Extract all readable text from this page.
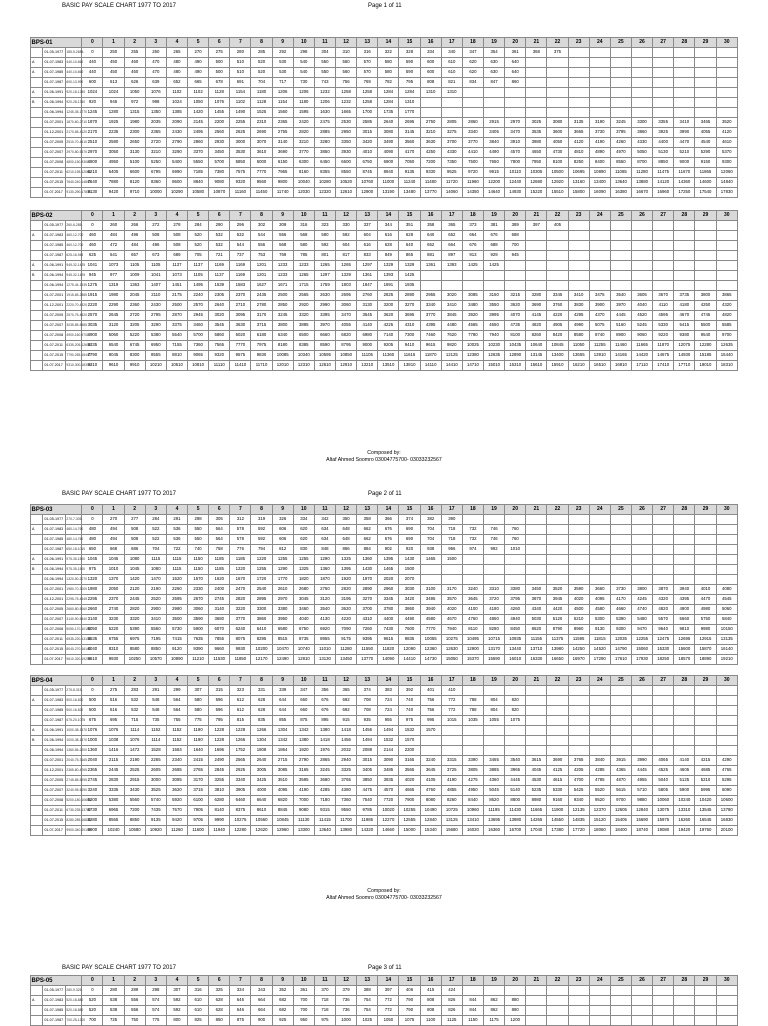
BASIC PAY SCALE CHART 1977 TO 2017	Page 1 of 11
BPS-01			0	1	2	3	4	5	6	7	8	9	10	11	12	13	14	15	16	17	18	19	20	21	22	23	24	25	26	27	28	29	30
	01-05-1977	185-5-2685-	0	250	255	260	265	270	275	280	285	292	298	304	310	316	322	328	334	340	347	354	361	368	375								
A	01-07-1983	440-10-660	440	450	460	470	480	490	500	510	520	530	540	550	560	570	580	590	600	610	620	630	640										
A	01-07-1985	440-10-660	440	450	460	470	480	490	500	510	520	530	540	550	560	570	580	590	600	610	620	630	640										
	01-07-1987	600-13-990	600	613	626	639	652	665	678	691	704	717	730	743	756	769	782	795	808	821	834	847	860										
A	01-06-1991	920-18-1280	1024	1024	1050	1076	1102	1102	1128	1154	1180	1206	1206	1232	1258	1258	1284	1284	1310	1310													
B	01-06-1994	920-28-1330	920	946	972	998	1024	1050	1076	1102	1128	1154	1180	1206	1232	1258	1284	1310															
	01-06-1994	1245-35-1770	1245	1280	1315	1350	1385	1420	1455	1490	1525	1560	1595	1630	1665	1700	1735	1770															
	01-07-2001	1870-60-2710	1870	1925	1980	2035	2090	2145	2200	2255	2310	2365	2420	2475	2530	2585	2640	2695	2750	2805	2860	2915	2970	3025	3080	3135	3190	3245	3300	3355	3410	3465	3520
	01-12-2001	2170-65-4120	2170	2235	2300	2365	2430	2495	2560	2625	2690	2755	2820	2885	2950	3015	3080	3145	3210	3275	3340	3405	3470	3535	3600	3665	3730	3795	3860	3925	3990	4055	4120
	01-07-2005	2510-70-4610	2510	2580	2650	2720	2790	2860	2930	3000	3070	3140	3210	3280	3350	3420	3490	3560	3630	3700	3770	3840	3910	3980	4050	4120	4190	4260	4330	4400	4470	4540	4610
	01-07-2007	2970-80-5370	2970	3050	3130	3210	3290	3370	3450	3530	3610	3690	3770	3850	3930	4010	4090	4170	4250	4330	4410	4490	4570	4650	4730	4810	4890	4970	5050	5130	5210	5290	5370
	01-07-2008	4800-150-9300	4800	4950	5100	5250	5400	5550	5700	5850	6000	6150	6300	6450	6600	6750	6900	7050	7200	7350	7500	7650	7800	7950	8100	8250	8400	8550	8700	8850	9000	9150	9300
	01-07-2011	6210-195-12060	6210	6405	6600	6795	6990	7185	7380	7575	7770	7965	8160	8355	8550	8745	8940	9135	9330	9525	9720	9915	10110	10305	10500	10695	10890	11085	11280	11475	11670	11865	12060
	01-07-2015	7640-240-14840	7640	7880	8120	8360	8600	8840	9080	9320	9560	9800	10040	10280	10520	10760	11000	11240	11480	11720	11960	12200	12440	12680	12920	13160	13400	13640	13880	14120	14360	14600	14840
	01.07.2017	9130-290-17830	9130	9420	9710	10000	10290	10580	10870	11160	11450	11740	12030	12320	12610	12900	13190	13480	13770	14060	14350	14640	14930	15220	15510	15800	16090	16380	16670	16960	17250	17540	17830
BPS-02			0	1	2	3	4	5	6	7	8	9	10	11	12	13	14	15	16	17	18	19	20	21	22	23	24	25	26	27	28	29	30
	01-05-1977	260-6-285-	0	260	266	272	278	284	290	296	302	309	316	323	330	337	344	351	358	365	373	381	389	397	405								
A	01-07-1983	460-12-700	460	484	496	508	508	520	532	532	544	556	568	580	592	604	616	628	640	652	664	676	688										
	01-07-1985	460-12-700	460	472	484	496	508	520	532	544	556	568	580	592	604	616	628	640	652	664	676	688	700										
	01-07-1987	625-16-945	625	641	657	673	689	705	721	737	753	769	785	801	817	833	849	865	881	897	913	929	945										
A	01-06-1991	945-32-1425	1041	1073	1105	1105	1137	1137	1169	1169	1201	1233	1233	1265	1265	1297	1329	1329	1361	1393	1425	1425											
B	01-06-1994	945-32-1425	945	977	1009	1041	1073	1105	1137	1169	1201	1233	1265	1297	1329	1361	1393	1425															
	01-06-1994	1275-44-1935	1275	1319	1363	1407	1451	1495	1539	1583	1627	1671	1715	1759	1803	1847	1891	1935															
	01-07-2001	1915-65-2885	1915	1980	2045	2110	2175	2240	2305	2370	2435	2500	2565	2630	2695	2760	2825	2890	2955	3020	3085	3150	3215	3280	3345	3410	3475	3540	3605	3670	3735	3800	3865
	01-12-2001	2220-70-4320	2220	2290	2360	2430	2500	2570	2640	2710	2780	2850	2920	2990	3060	3130	3200	3270	3340	3410	3480	3550	3620	3690	3760	3830	3900	3970	4040	4110	4180	4250	4320
	01-07-2005	2570-75-4820	2570	2645	2720	2795	2870	2945	3020	3095	3170	3245	3320	3395	3470	3545	3620	3695	3770	3845	3920	3995	4070	4145	4220	4295	4370	4445	4520	4595	4670	4745	4820
	01-07-2007	3035-85-5585	3035	3120	3205	3290	3375	3460	3545	3630	3715	3800	3885	3970	4055	4140	4225	4310	4395	4480	4565	4650	4735	4820	4905	4990	5075	5160	5245	5330	5415	5500	5585
	01-07-2008	4900-160-9700	4900	5060	5220	5380	5540	5700	5860	6020	6180	6340	6500	6660	6820	6980	7140	7300	7460	7620	7780	7940	8100	8260	8420	8580	8740	8900	9060	9220	9380	9540	9700
	01-07-2011	6335-205-12635	6335	6540	6745	6950	7155	7360	7565	7770	7975	8180	8385	8590	8795	9000	9205	9410	9615	9820	10025	10230	10435	10640	10845	11050	11255	11460	11665	11870	12075	12280	12635
	01-07-2015	7790-255-15440	7790	8045	8300	8555	8810	9065	9320	9575	9830	10085	10340	10595	10850	11105	11360	11615	11870	12125	12380	12635	12890	13145	13400	13655	13910	14165	14420	14675	14930	15185	15440
	01.07.2017	9310-300-18310	9310	9610	9910	10210	10510	10810	11110	11410	11710	12010	12310	12610	12910	13210	13510	13810	14110	14410	14710	15010	15310	15610	15910	16210	16510	16810	17110	17410	17710	18010	18310
Composed by:
Altaf Ahmed Soomro 03004775700- 03033232567
BASIC PAY SCALE CHART 1977 TO 2017	Page 2 of 11
BPS-03			0	1	2	3	4	5	6	7	8	9	10	11	12	13	14	15	16	17	18	19	20	21	22	23	24	25	26	27	28	29	30
	01-05-1977	270-7-305-	0	270	277	284	291	298	305	312	319	326	334	342	350	358	366	374	382	390													
A	01-07-1983	480-14-760	480	494	508	522	536	550	564	578	592	606	620	634	648	662	676	690	704	718	732	746	760										
	01-07-1985	480-14-760	480	494	508	522	536	550	564	578	592	606	620	634	648	662	676	690	704	718	732	746	760										
	01-07-1987	650-18-1010	650	668	686	704	722	740	758	776	794	812	830	848	866	884	902	920	938	956	974	992	1010										
A	01-06-1991	975-35-1500	1045	1045	1080	1115	1115	1150	1185	1185	1220	1255	1255	1290	1325	1360	1395	1430	1465	1500													
B	01-06-1994	975-35-1500	975	1010	1045	1080	1115	1150	1185	1220	1255	1290	1325	1360	1395	1430	1465	1500															
	01-06-1994	1320-50-2070	1320	1370	1420	1470	1520	1570	1620	1670	1720	1770	1820	1870	1920	1970	2020	2070															
	01-07-2001	1980-70-3000	1980	2050	2120	2190	2260	2330	2400	2470	2540	2610	2680	2750	2820	2890	2960	3030	3100	3170	3240	3310	3380	3450	3520	3590	3660	3730	3800	3870	3940	4010	4080
	01-12-2001	2295-75-4545	2295	2370	2445	2520	2595	2670	2745	2820	2895	2970	3045	3120	3195	3270	3345	3420	3495	3570	3645	3720	3795	3870	3945	4020	4095	4170	4245	4320	4395	4470	4545
	01-07-2005	2660-80-5060	2660	2740	2820	2900	2980	3060	3140	3220	3300	3380	3460	3540	3620	3700	3780	3860	3940	4020	4100	4180	4260	4340	4420	4500	4580	4660	4740	4820	4900	4980	5060
	01-07-2007	3140-90-5840	3140	3230	3320	3410	3500	3590	3680	3770	3860	3950	4040	4130	4220	4310	4400	4490	4580	4670	4760	4850	4940	5030	5120	5210	5300	5390	5480	5570	5660	5750	5840
	01-07-2008	5050-170-10150	5050	5220	5390	5560	5730	5900	6070	6240	6410	6580	6750	6920	7090	7260	7430	7600	7770	7940	8110	8280	8450	8620	8790	8960	9130	9300	9470	9640	9810	9980	10150
	01-07-2011	6535-220-13135	6535	6755	6975	7195	7415	7635	7855	8075	8295	8515	8735	8955	9175	9395	9615	9835	10055	10275	10495	10715	10935	11155	11375	11595	11815	12035	12255	12475	12695	12915	13135
	01-07-2015	8040-270-16140	8040	8310	8580	8850	9120	9390	9660	9930	10200	10470	10740	11010	11280	11550	11820	12090	12360	12630	12900	13170	13440	13710	13980	14250	14520	14790	15060	15330	15600	15870	16140
	01.07.2017	9610-320-19210	9610	9930	10250	10570	10890	11210	11530	11850	12170	12490	12810	13130	13450	13770	14090	14410	14730	15050	15370	15690	16010	16330	16650	16970	17290	17610	17930	18250	18570	18890	19210
BPS-04			0	1	2	3	4	5	6	7	8	9	10	11	12	13	14	15	16	17	18	19	20	21	22	23	24	25	26	27	28	29	30
	01-05-1977	275-8-315-	0	275	283	291	299	307	315	323	331	339	347	356	365	374	383	392	401	410													
A	01-07-1983	500-16-820	500	516	532	548	564	580	596	612	628	644	660	676	692	708	724	740	756	772	788	804	820										
	01-07-1985	500-16-820	500	516	532	548	564	580	596	612	628	644	660	676	692	708	724	740	756	772	788	804	820										
	01-07-1987	675-20-1075	675	695	715	735	755	775	795	815	835	855	875	895	915	935	955	975	995	1015	1035	1055	1075										
A	01-06-1991	1000-38-1570	1076	1076	1114	1152	1152	1190	1228	1228	1266	1304	1342	1380	1418	1456	1494	1532	1570														
B	01-06-1994	1000-38-1570	1000	1038	1076	1114	1152	1190	1228	1266	1304	1342	1380	1418	1456	1494	1532	1570															
	01-06-1994	1360-56-2200	1360	1416	1472	1528	1584	1640	1696	1752	1808	1864	1920	1976	2032	2088	2144	2200															
	01-07-2001	2040-75-3165	2040	2115	2190	2265	2340	2415	2490	2565	2640	2715	2790	2865	2940	3015	3090	3165	3240	3315	3390	3465	3540	3615	3690	3765	3840	3915	3990	4065	4140	4215	4290
	01-12-2001	2365-80-4765	2365	2445	2525	2605	2685	2765	2845	2925	3005	3085	3165	3245	3325	3405	3485	3565	3645	3725	3805	3885	3965	4045	4125	4205	4285	4365	4445	4525	4605	4685	4765
	01-07-2005	2745-85-5295	2745	2830	2915	3000	3085	3170	3255	3340	3425	3510	3595	3680	3765	3850	3935	4020	4105	4190	4275	4360	4445	4530	4615	4700	4785	4870	4955	5040	5125	5210	5295
	01-07-2007	3240-95-6090	3240	3335	3430	3525	3620	3715	3810	3905	4000	4095	4190	4285	4380	4475	4570	4665	4760	4855	4950	5045	5140	5235	5330	5425	5520	5615	5710	5805	5900	5995	6090
	01-07-2008	5200-180-10600	5200	5380	5560	5740	5920	6100	6280	6460	6640	6820	7000	7180	7360	7540	7720	7900	8080	8260	8440	8620	8800	8980	9160	9340	9520	9700	9880	10060	10240	10420	10600
	01-07-2011	6730-235-13780	6730	6965	7200	7435	7670	7905	8140	8375	8610	8845	9080	9315	9550	9785	10020	10255	10490	10725	10960	11195	11430	11665	11900	12135	12370	12605	12840	13075	13310	13545	13780
	01-07-2015	8280-285-16830	8280	8565	8850	9135	9420	9705	9990	10275	10560	10845	11130	11415	11700	11985	12270	12555	12840	13125	13410	13695	13980	14265	14550	14835	15120	15405	15690	15975	16260	16545	16830
	01.07.2017	9900-340-20100	9900	10240	10580	10920	11260	11600	11940	12280	12620	12960	13300	13640	13980	14320	14660	15000	15340	15680	16020	16360	16700	17040	17380	17720	18060	18400	18740	19080	19420	19760	20100
Composed by:
Altaf Ahmed Soomro 03004775700- 03033232567
BASIC PAY SCALE CHART 1977 TO 2017	Page 3 of 11
BPS-05			0	1	2	3	4	5	6	7	8	9	10	11	12	13	14	15	16	17	18	19	20	21	22	23	24	25	26	27	28	29	30
	01-05-1977	280-9-325-	0	280	289	298	307	316	325	334	343	352	361	370	379	388	397	406	415	424													
A	01-07-1983	520-18-880	520	538	556	574	592	610	628	646	664	682	700	718	736	754	772	790	808	826	844	862	880										
	01-07-1985	520-18-880	520	538	556	574	592	610	628	646	664	682	700	718	736	754	772	790	808	826	844	862	880										
	01-07-1987	700-25-1200	700	725	750	775	800	825	850	875	900	925	950	975	1000	1025	1050	1075	1100	1125	1150	1175	1200										
